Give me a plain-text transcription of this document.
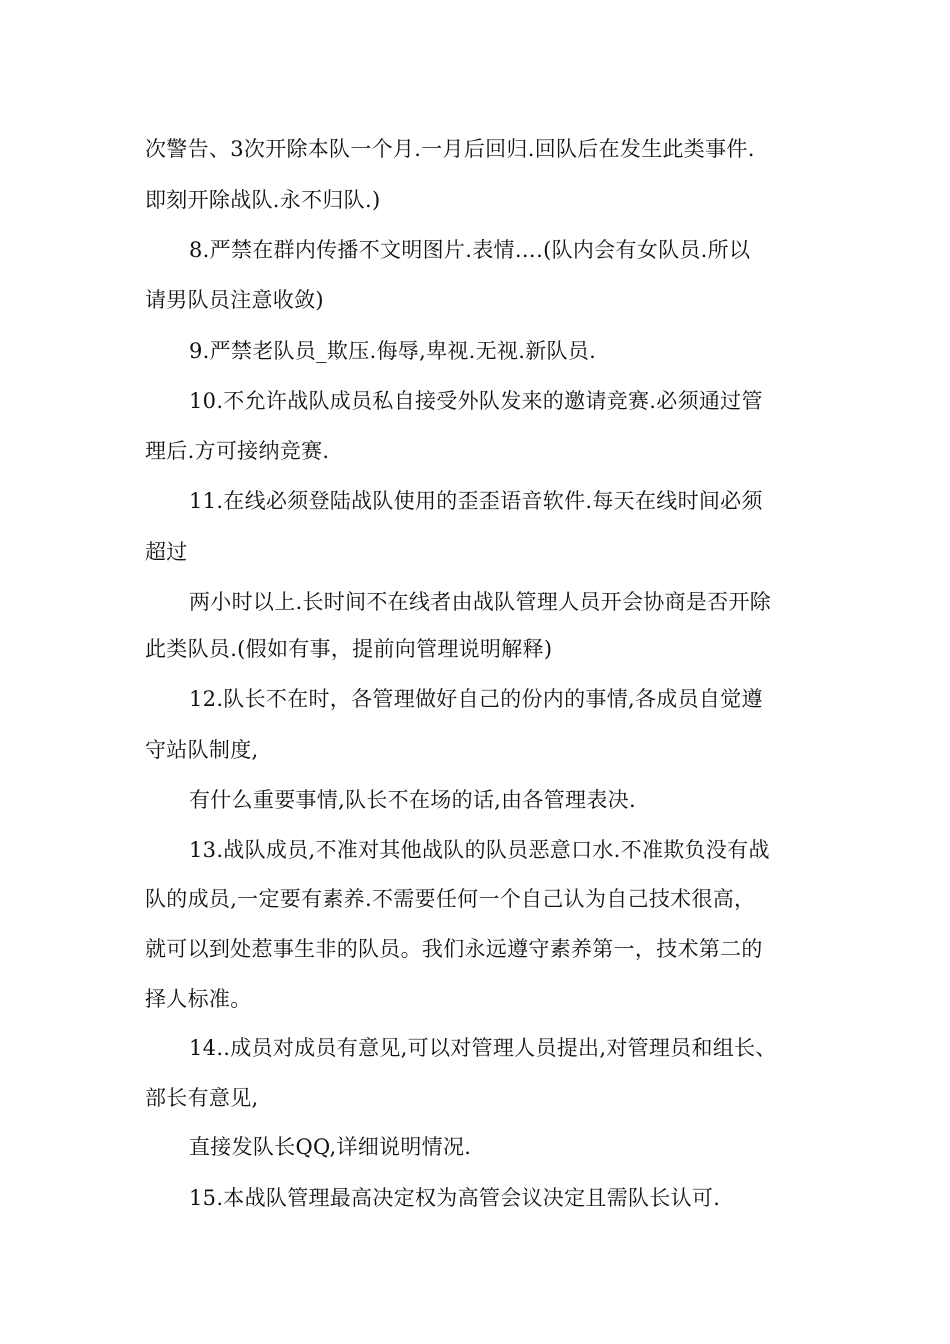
次警告、3次开除本队一个月.一月后回归.回队后在发生此类事件.
即刻开除战队.永不归队.)
8.严禁在群内传播不文明图片.表情….(队内会有女队员.所以
请男队员注意收敛)
9.严禁老队员_欺压.侮辱,卑视.无视.新队员.
10.不允许战队成员私自接受外队发来的邀请竞赛.必须通过管
理后.方可接纳竞赛.
11.在线必须登陆战队使用的歪歪语音软件.每天在线时间必须
超过
两小时以上.长时间不在线者由战队管理人员开会协商是否开除
此类队员.(假如有事，提前向管理说明解释)
12.队长不在时，各管理做好自己的份内的事情,各成员自觉遵
守站队制度,
有什么重要事情,队长不在场的话,由各管理表决.
13.战队成员,不准对其他战队的队员恶意口水.不准欺负没有战
队的成员,一定要有素养.不需要任何一个自己认为自己技术很高，
就可以到处惹事生非的队员。我们永远遵守素养第一，技术第二的
择人标准。
14..成员对成员有意见,可以对管理人员提出,对管理员和组长、
部长有意见,
直接发队长QQ,详细说明情况.
15.本战队管理最高决定权为高管会议决定且需队长认可.
